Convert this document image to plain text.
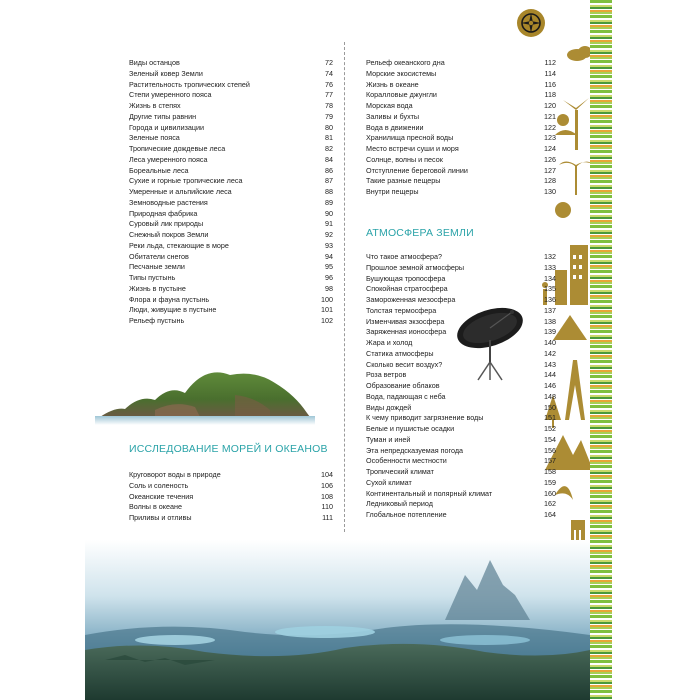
Виды останцов	72
Зеленый ковер Земли	74
Растительность тропических степей	76
Степи умеренного пояса	77
Жизнь в степях	78
Другие типы равнин	79
Города и цивилизации	80
Зеленые пояса	81
Тропические дождевые леса	82
Леса умеренного пояса	84
Бореальные леса	86
Сухие и горные тропические леса	87
Умеренные и альпийские леса	88
Земноводные растения	89
Природная фабрика	90
Суровый лик природы	91
Снежный покров Земли	92
Реки льда, стекающие в море	93
Обитатели снегов	94
Песчаные земли	95
Типы пустынь	96
Жизнь в пустыне	98
Флора и фауна пустынь	100
Люди, живущие в пустыне	101
Рельеф пустынь	102
Рельеф океанского дна	112
Морские экосистемы	114
Жизнь в океане	116
Коралловые джунгли	118
Морская вода	120
Заливы и бухты	121
Вода в движении	122
Хранилища пресной воды	123
Место встречи суши и моря	124
Солнце, волны и песок	126
Отступление береговой линии	127
Такие разные пещеры	128
Внутри пещеры	130
ИССЛЕДОВАНИЕ МОРЕЙ И ОКЕАНОВ
Круговорот воды в природе	104
Соль и соленость	106
Океанские течения	108
Волны в океане	110
Приливы и отливы	111
АТМОСФЕРА ЗЕМЛИ
Что такое атмосфера?	132
Прошлое земной атмосферы	133
Бушующая тропосфера	134
Спокойная стратосфера	135
Замороженная мезосфера	136
Толстая термосфера	137
Изменчивая экзосфера	138
Заряженная ионосфера	139
Жара и холод	140
Статика атмосферы	142
Сколько весит воздух?	143
Роза ветров	144
Образование облаков	146
Вода, падающая с неба	148
Виды дождей	150
К чему приводит загрязнение воды	151
Белые и пушистые осадки	152
Туман и иней	154
Эта непредсказуемая погода	156
Особенности местности	157
Тропический климат	158
Сухой климат	159
Континентальный и полярный климат	160
Ледниковый период	162
Глобальное потепление	164
